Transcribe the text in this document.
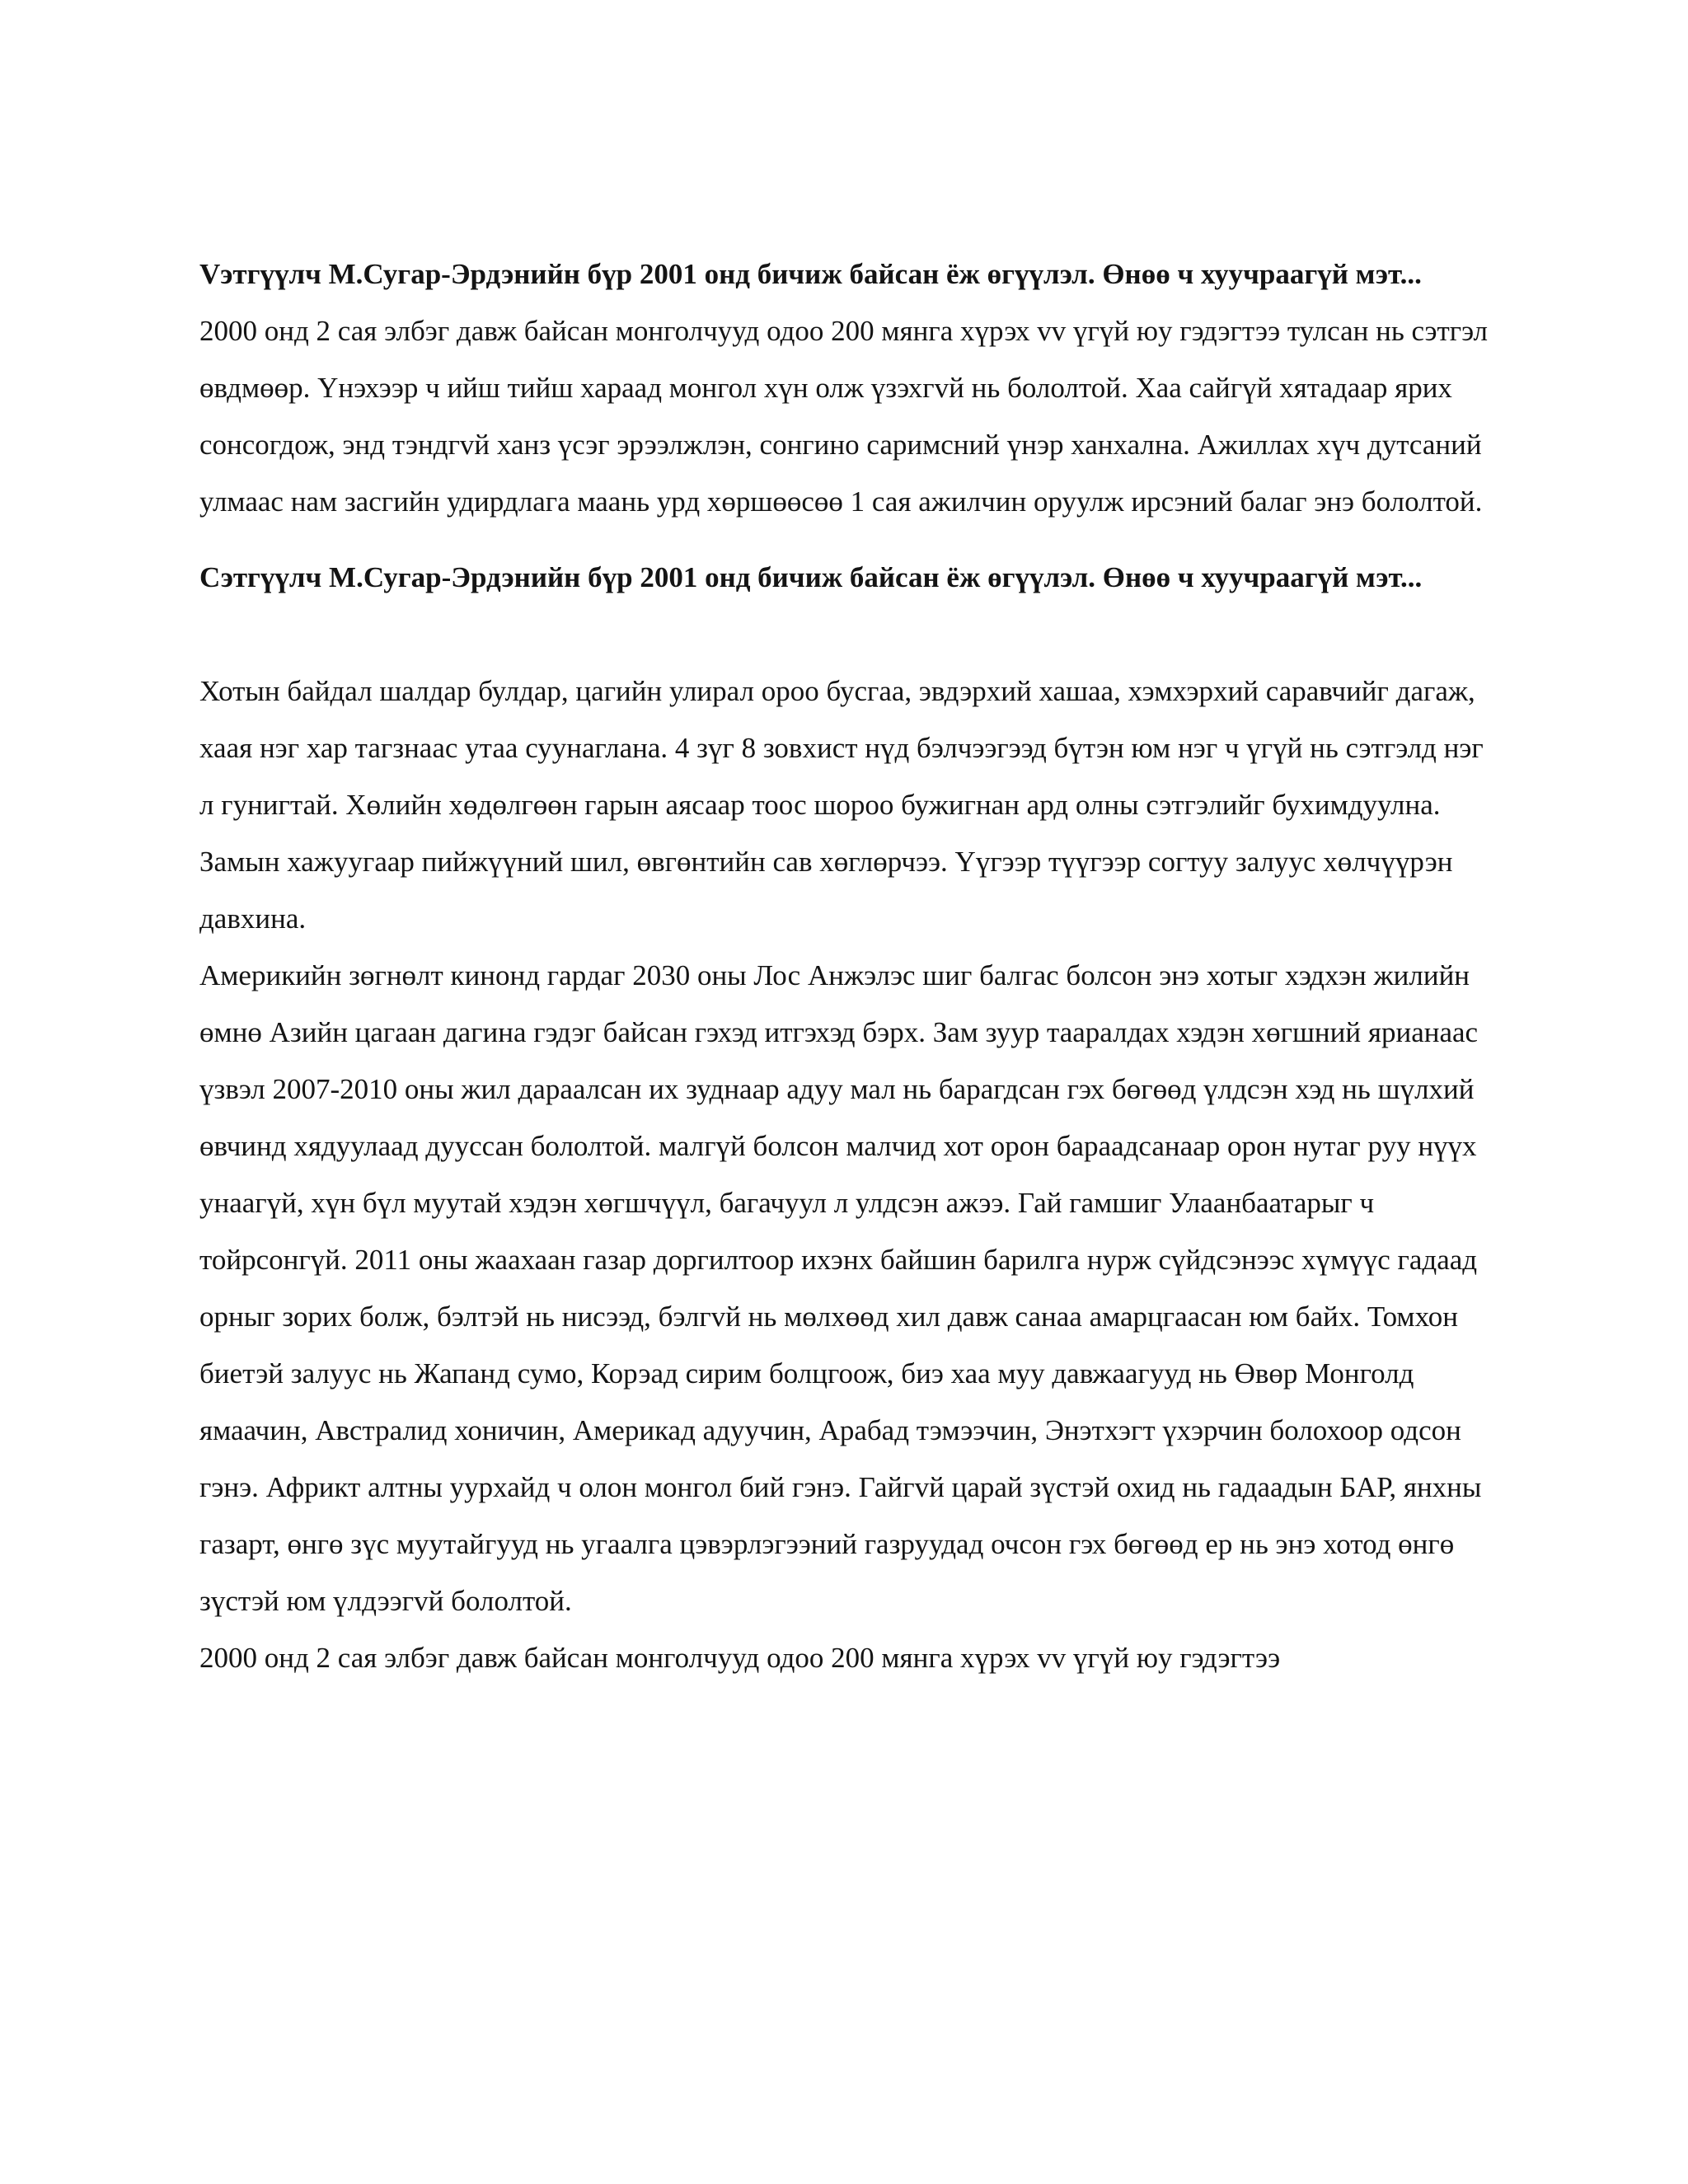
Vэтгүүлч М.Сугар-Эрдэнийн бүр 2001 онд бичиж байсан ёж өгүүлэл. Өнөө ч хуучраагүй мэт...

2000 онд 2 сая элбэг давж байсан монголчууд одоо 200 мянга хүрэх vv үгүй юу гэдэгтээ тулсан нь сэтгэл өвдмөөр. Үнэхээр ч ийш тийш хараад монгол хүн олж үзэхгvй нь бололтой. Хаа сайгүй хятадаар ярих сонсогдож, энд тэндгvй ханз үсэг эрээлжлэн, сонгино саримсний үнэр ханхална. Ажиллах хүч дутсаний улмаас нам засгийн удирдлага маань урд хөршөөсөө 1 сая ажилчин оруулж ирсэний балаг энэ бололтой.

Сэтгүүлч М.Сугар-Эрдэнийн бүр 2001 онд бичиж байсан ёж өгүүлэл. Өнөө ч хуучраагүй мэт...

Хотын байдал шалдар булдар, цагийн улирал ороо бусгаа, эвдэрхий хашаа, хэмхэрхий саравчийг дагаж, хаая нэг хар тагзнаас утаа суунаглана. 4 зүг 8 зовхист нүд бэлчээгээд бүтэн юм нэг ч үгүй нь сэтгэлд нэг л гунигтай. Хөлийн хөдөлгөөн гарын аясаар тоос шороо бужигнан ард олны сэтгэлийг бухимдуулна. Замын хажуугаар пийжүүний шил, өвгөнтийн сав хөглөрчээ. Үүгээр түүгээр согтуу залуус хөлчүүрэн давхина.

Америкийн зөгнөлт кинонд гардаг 2030 оны Лос Анжэлэс шиг балгас болсон энэ хотыг хэдхэн жилийн өмнө Азийн цагаан дагина гэдэг байсан гэхэд итгэхэд бэрх. Зам зуур тааралдах хэдэн хөгшний ярианаас үзвэл 2007-2010 оны жил дараалсан их зуднаар адуу мал нь барагдсан гэх бөгөөд үлдсэн хэд нь шүлхий өвчинд хядуулаад дууссан бололтой. малгүй болсон малчид хот орон бараадсанаар орон нутаг руу нүүх унаагүй, хүн бүл муутай хэдэн хөгшчүүл, багачуул л улдсэн ажээ. Гай гамшиг Улаанбаатарыг ч тойрсонгүй. 2011 оны жаахаан газар доргилтоор ихэнх байшин барилга нурж сүйдсэнээс хүмүүс гадаад орныг зорих болж, бэлтэй нь нисээд, бэлгvй нь мөлхөөд хил давж санаа амарцгаасан юм байх. Томхон биетэй залуус нь Жапанд сумо, Корэад сирим болцгоож, биэ хаа муу давжаагууд нь Өвөр Монголд ямаачин, Австралид хоничин, Америкад адуучин, Арабад тэмээчин, Энэтхэгт үхэрчин болохоор одсон гэнэ. Африкт алтны уурхайд ч олон монгол бий гэнэ. Гайгvй царай зүстэй охид нь гадаадын БАР, янхны газарт, өнгө зүс муутайгууд нь угаалга цэвэрлэгээний газруудад очсон гэх бөгөөд ер нь энэ хотод өнгө зүстэй юм үлдээгvй бололтой.

2000 онд 2 сая элбэг давж байсан монголчууд одоо 200 мянга хүрэх vv үгүй юу гэдэгтээ
